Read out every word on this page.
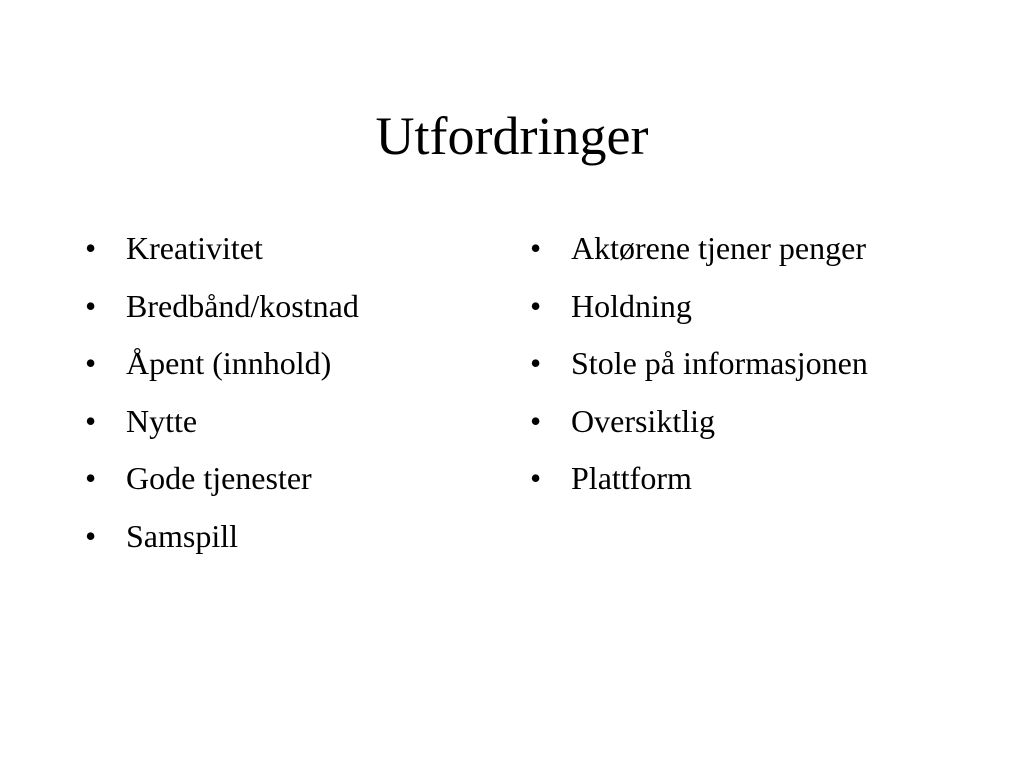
Utfordringer
• Kreativitet
• Bredbånd/kostnad
• Åpent (innhold)
• Nytte
• Gode tjenester
• Samspill
• Aktørene tjener penger
• Holdning
• Stole på informasjonen
• Oversiktlig
• Plattform
